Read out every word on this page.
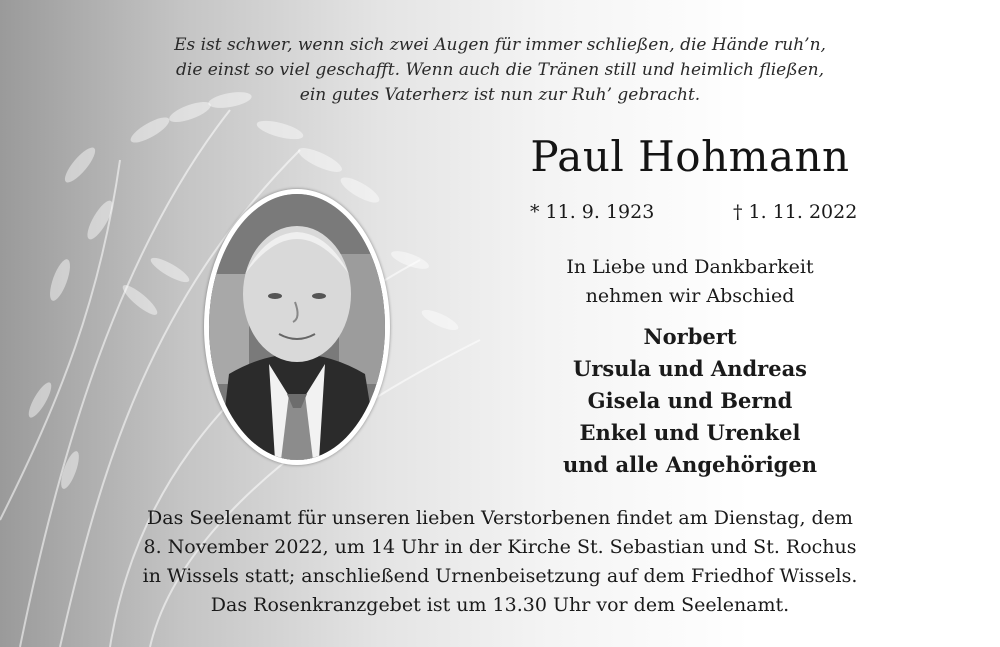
Es ist schwer, wenn sich zwei Augen für immer schließen, die Hände ruh’n,
die einst so viel geschafft. Wenn auch die Tränen still und heimlich fließen,
ein gutes Vaterherz ist nun zur Ruh’ gebracht.
Paul Hohmann
* 11. 9. 1923	† 1. 11. 2022
In Liebe und Dankbarkeit
nehmen wir Abschied
Norbert
Ursula und Andreas
Gisela und Bernd
Enkel und Urenkel
und alle Angehörigen
Das Seelenamt für unseren lieben Verstorbenen findet am Dienstag, dem
8. November 2022, um 14 Uhr in der Kirche St. Sebastian und St. Rochus
in Wissels statt; anschließend Urnenbeisetzung auf dem Friedhof Wissels.
Das Rosenkranzgebet ist um 13.30 Uhr vor dem Seelenamt.
